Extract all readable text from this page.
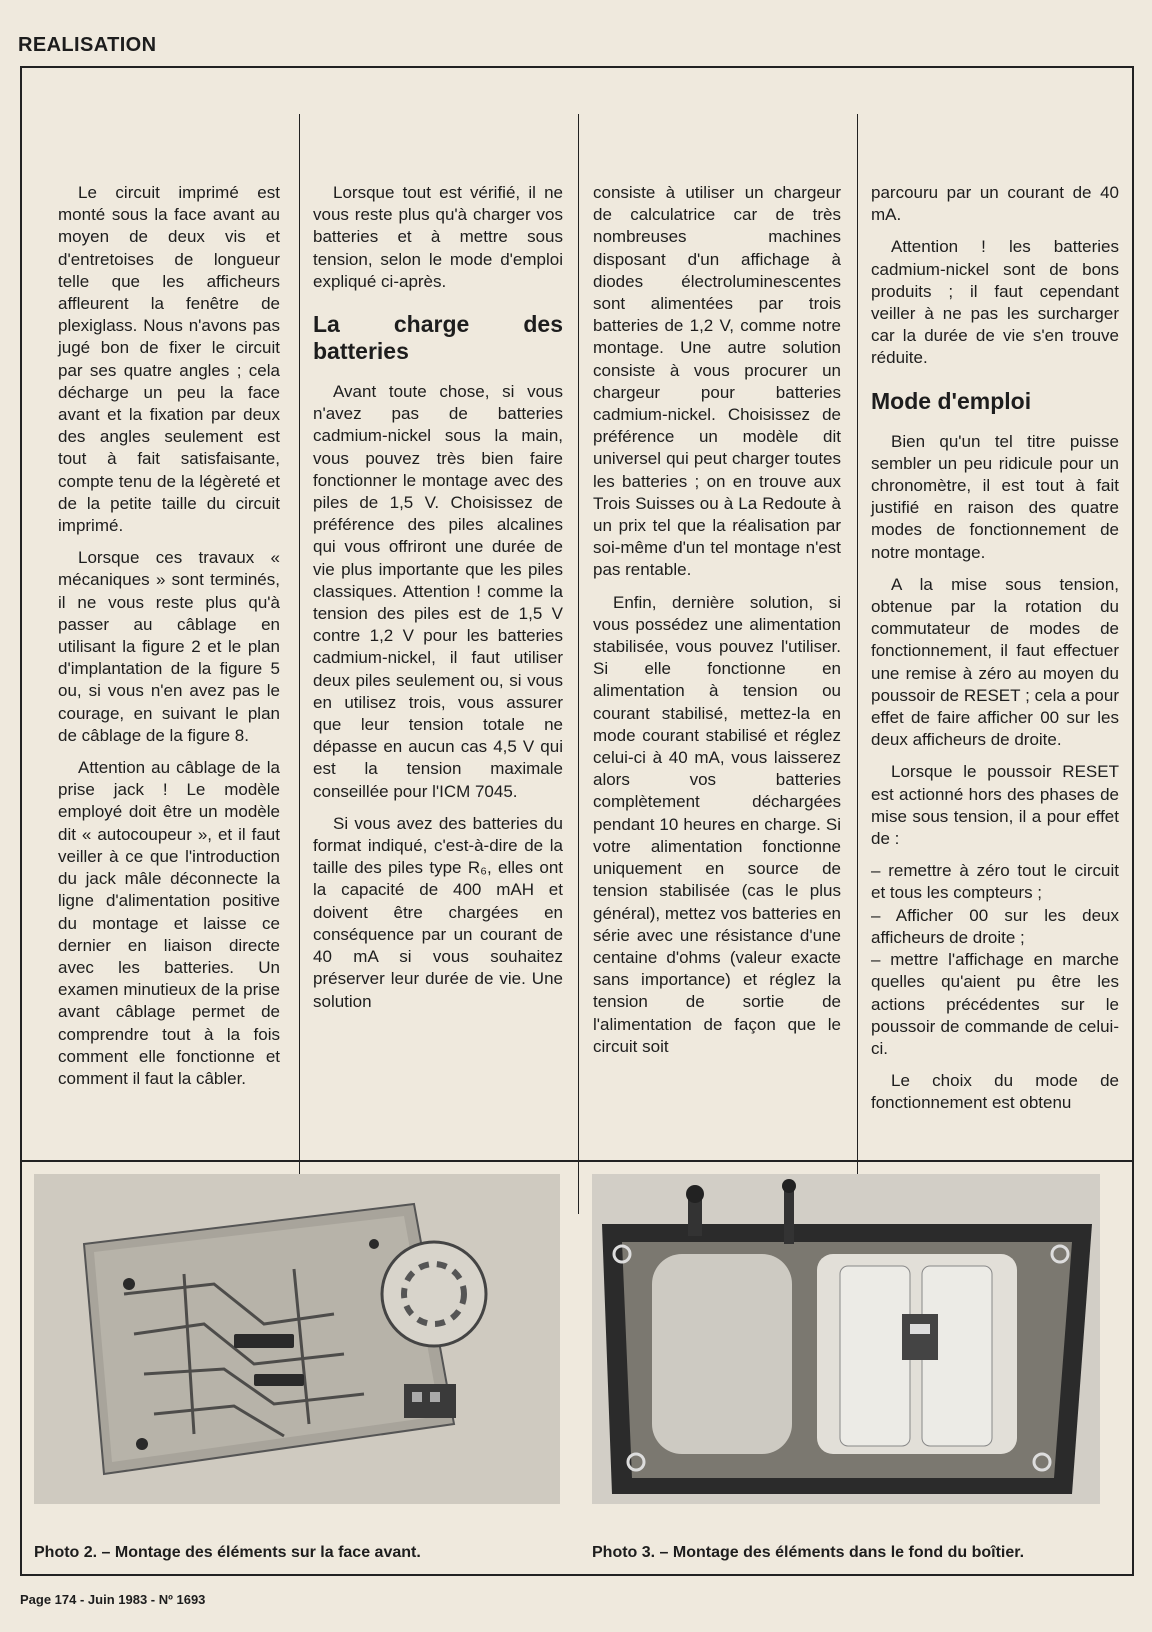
REALISATION

Le circuit imprimé est monté sous la face avant au moyen de deux vis et d'entretoises de longueur telle que les afficheurs affleurent la fenêtre de plexiglass. Nous n'avons pas jugé bon de fixer le circuit par ses quatre angles ; cela décharge un peu la face avant et la fixation par deux des angles seulement est tout à fait satisfaisante, compte tenu de la légèreté et de la petite taille du circuit imprimé.

Lorsque ces travaux « mécaniques » sont terminés, il ne vous reste plus qu'à passer au câblage en utilisant la figure 2 et le plan d'implantation de la figure 5 ou, si vous n'en avez pas le courage, en suivant le plan de câblage de la figure 8.

Attention au câblage de la prise jack ! Le modèle employé doit être un modèle dit « autocoupeur », et il faut veiller à ce que l'introduction du jack mâle déconnecte la ligne d'alimentation positive du montage et laisse ce dernier en liaison directe avec les batteries. Un examen minutieux de la prise avant câblage permet de comprendre tout à la fois comment elle fonctionne et comment il faut la câbler.

Lorsque tout est vérifié, il ne vous reste plus qu'à charger vos batteries et à mettre sous tension, selon le mode d'emploi expliqué ci-après.

La charge des batteries

Avant toute chose, si vous n'avez pas de batteries cadmium-nickel sous la main, vous pouvez très bien faire fonctionner le montage avec des piles de 1,5 V. Choisissez de préférence des piles alcalines qui vous offriront une durée de vie plus importante que les piles classiques. Attention ! comme la tension des piles est de 1,5 V contre 1,2 V pour les batteries cadmium-nickel, il faut utiliser deux piles seulement ou, si vous en utilisez trois, vous assurer que leur tension totale ne dépasse en aucun cas 4,5 V qui est la tension maximale conseillée pour l'ICM 7045.

Si vous avez des batteries du format indiqué, c'est-à-dire de la taille des piles type R₆, elles ont la capacité de 400 mAH et doivent être chargées en conséquence par un courant de 40 mA si vous souhaitez préserver leur durée de vie. Une solution

consiste à utiliser un chargeur de calculatrice car de très nombreuses machines disposant d'un affichage à diodes électroluminescentes sont alimentées par trois batteries de 1,2 V, comme notre montage. Une autre solution consiste à vous procurer un chargeur pour batteries cadmium-nickel. Choisissez de préférence un modèle dit universel qui peut charger toutes les batteries ; on en trouve aux Trois Suisses ou à La Redoute à un prix tel que la réalisation par soi-même d'un tel montage n'est pas rentable.

Enfin, dernière solution, si vous possédez une alimentation stabilisée, vous pouvez l'utiliser. Si elle fonctionne en alimentation à tension ou courant stabilisé, mettez-la en mode courant stabilisé et réglez celui-ci à 40 mA, vous laisserez alors vos batteries complètement déchargées pendant 10 heures en charge. Si votre alimentation fonctionne uniquement en source de tension stabilisée (cas le plus général), mettez vos batteries en série avec une résistance d'une centaine d'ohms (valeur exacte sans importance) et réglez la tension de sortie de l'alimentation de façon que le circuit soit

parcouru par un courant de 40 mA.

Attention ! les batteries cadmium-nickel sont de bons produits ; il faut cependant veiller à ne pas les surcharger car la durée de vie s'en trouve réduite.

Mode d'emploi

Bien qu'un tel titre puisse sembler un peu ridicule pour un chronomètre, il est tout à fait justifié en raison des quatre modes de fonctionnement de notre montage.

A la mise sous tension, obtenue par la rotation du commutateur de modes de fonctionnement, il faut effectuer une remise à zéro au moyen du poussoir de RESET ; cela a pour effet de faire afficher 00 sur les deux afficheurs de droite.

Lorsque le poussoir RESET est actionné hors des phases de mise sous tension, il a pour effet de :

– remettre à zéro tout le circuit et tous les compteurs ;

– Afficher 00 sur les deux afficheurs de droite ;

– mettre l'affichage en marche quelles qu'aient pu être les actions précédentes sur le poussoir de commande de celui-ci.

Le choix du mode de fonctionnement est obtenu

Photo 2. – Montage des éléments sur la face avant.	Photo 3. – Montage des éléments dans le fond du boîtier.
Page 174 - Juin 1983 - Nº 1693
